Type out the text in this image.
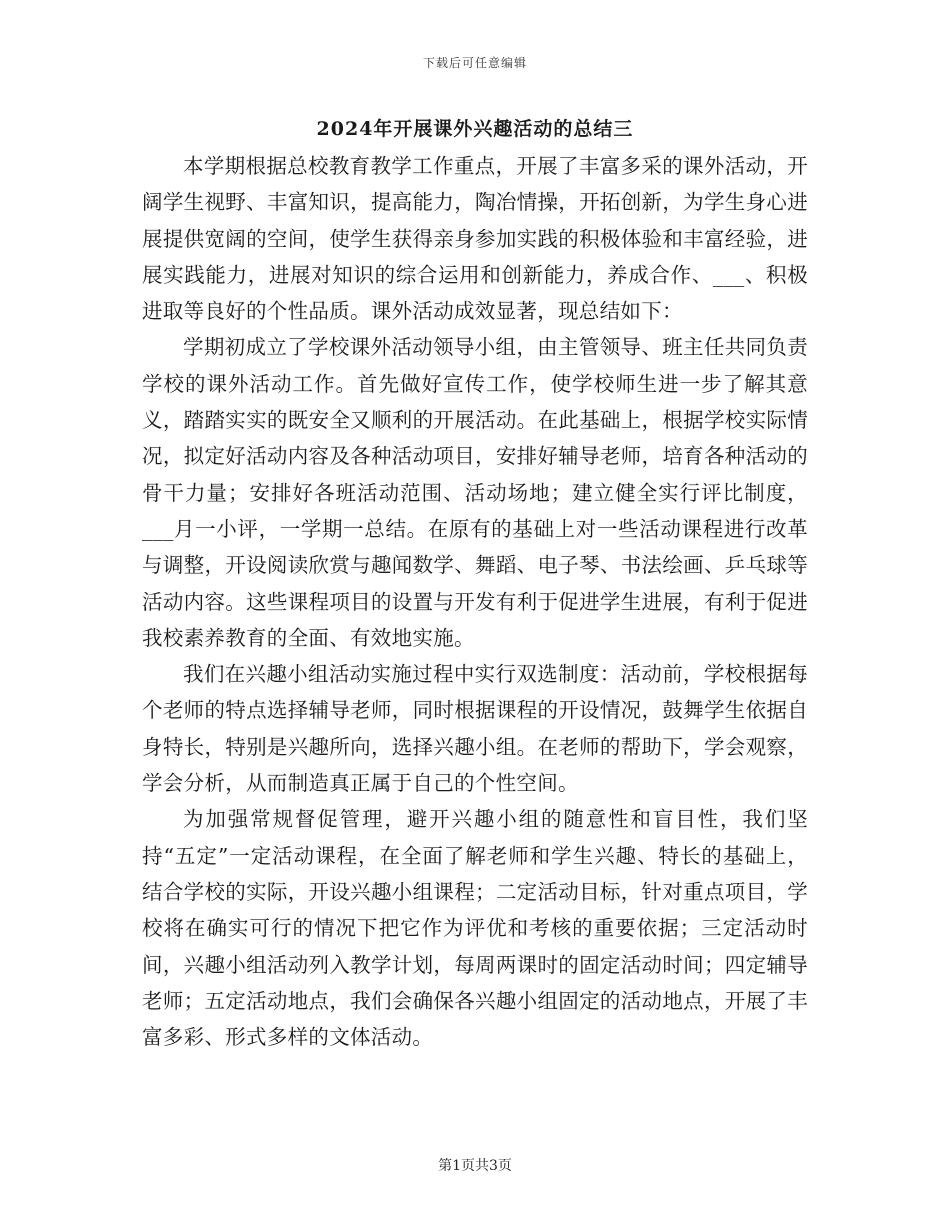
下载后可任意编辑
2024年开展课外兴趣活动的总结三

本学期根据总校教育教学工作重点，开展了丰富多采的课外活动，开阔学生视野、丰富知识，提高能力，陶冶情操，开拓创新，为学生身心进展提供宽阔的空间，使学生获得亲身参加实践的积极体验和丰富经验，进展实践能力，进展对知识的综合运用和创新能力，养成合作、___、积极进取等良好的个性品质。课外活动成效显著，现总结如下：

学期初成立了学校课外活动领导小组，由主管领导、班主任共同负责学校的课外活动工作。首先做好宣传工作，使学校师生进一步了解其意义，踏踏实实的既安全又顺利的开展活动。在此基础上，根据学校实际情况，拟定好活动内容及各种活动项目，安排好辅导老师，培育各种活动的骨干力量；安排好各班活动范围、活动场地；建立健全实行评比制度，___月一小评，一学期一总结。在原有的基础上对一些活动课程进行改革与调整，开设阅读欣赏与趣闻数学、舞蹈、电子琴、书法绘画、乒乓球等活动内容。这些课程项目的设置与开发有利于促进学生进展，有利于促进我校素养教育的全面、有效地实施。

我们在兴趣小组活动实施过程中实行双选制度：活动前，学校根据每个老师的特点选择辅导老师，同时根据课程的开设情况，鼓舞学生依据自身特长，特别是兴趣所向，选择兴趣小组。在老师的帮助下，学会观察，学会分析，从而制造真正属于自己的个性空间。

为加强常规督促管理，避开兴趣小组的随意性和盲目性，我们坚持“五定”一定活动课程，在全面了解老师和学生兴趣、特长的基础上，结合学校的实际，开设兴趣小组课程；二定活动目标，针对重点项目，学校将在确实可行的情况下把它作为评优和考核的重要依据；三定活动时间，兴趣小组活动列入教学计划，每周两课时的固定活动时间；四定辅导老师；五定活动地点，我们会确保各兴趣小组固定的活动地点，开展了丰富多彩、形式多样的文体活动。

第1页共3页
